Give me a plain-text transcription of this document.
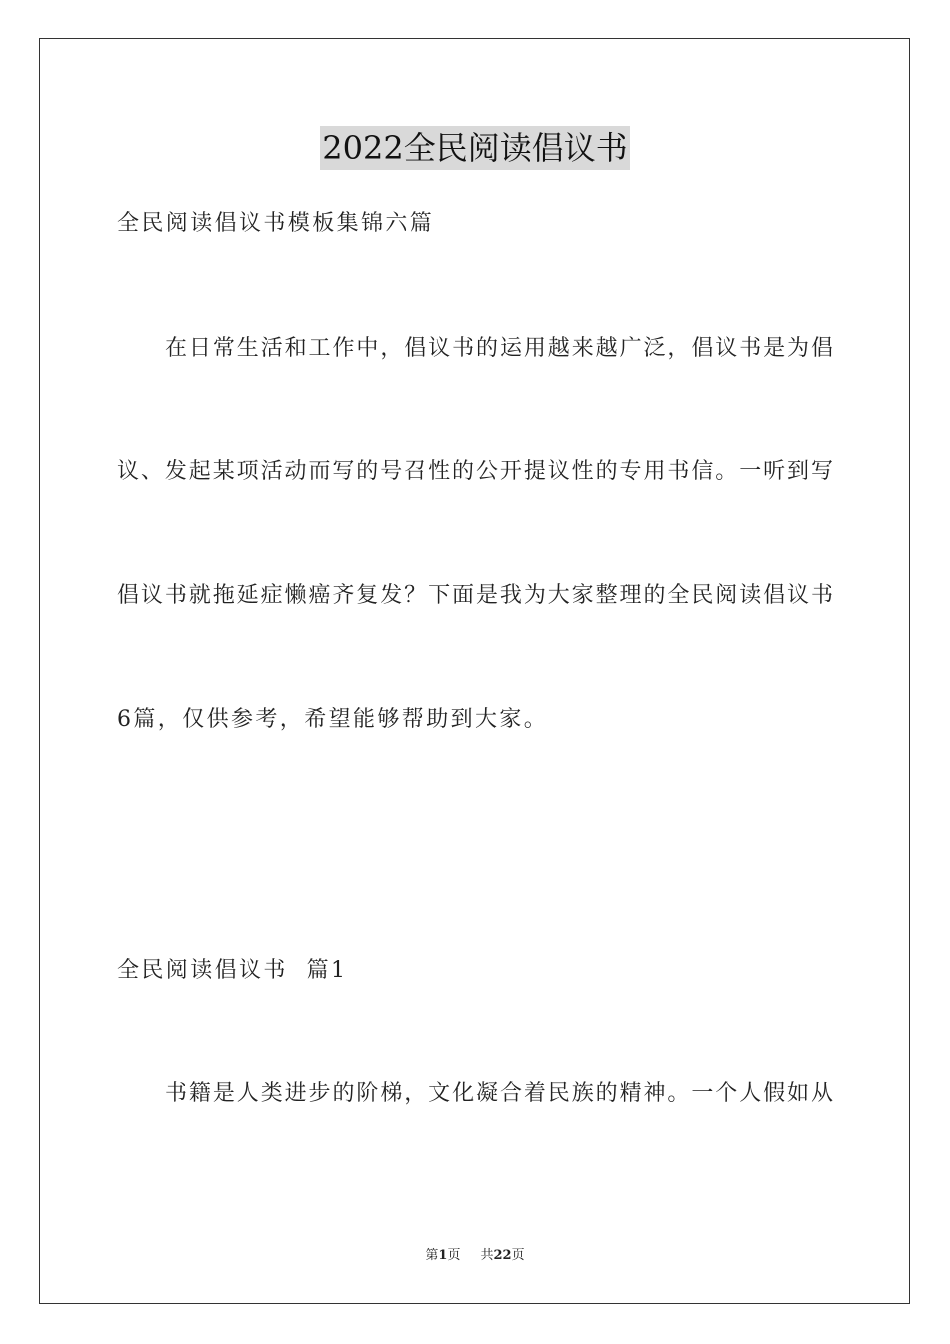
2022全民阅读倡议书
全民阅读倡议书模板集锦六篇
在日常生活和工作中，倡议书的运用越来越广泛，倡议书是为倡
议、发起某项活动而写的号召性的公开提议性的专用书信。一听到写
倡议书就拖延症懒癌齐复发？下面是我为大家整理的全民阅读倡议书
6篇，仅供参考，希望能够帮助到大家。
全民阅读倡议书  篇1
书籍是人类进步的阶梯，文化凝合着民族的精神。一个人假如从
第1页 共22页
